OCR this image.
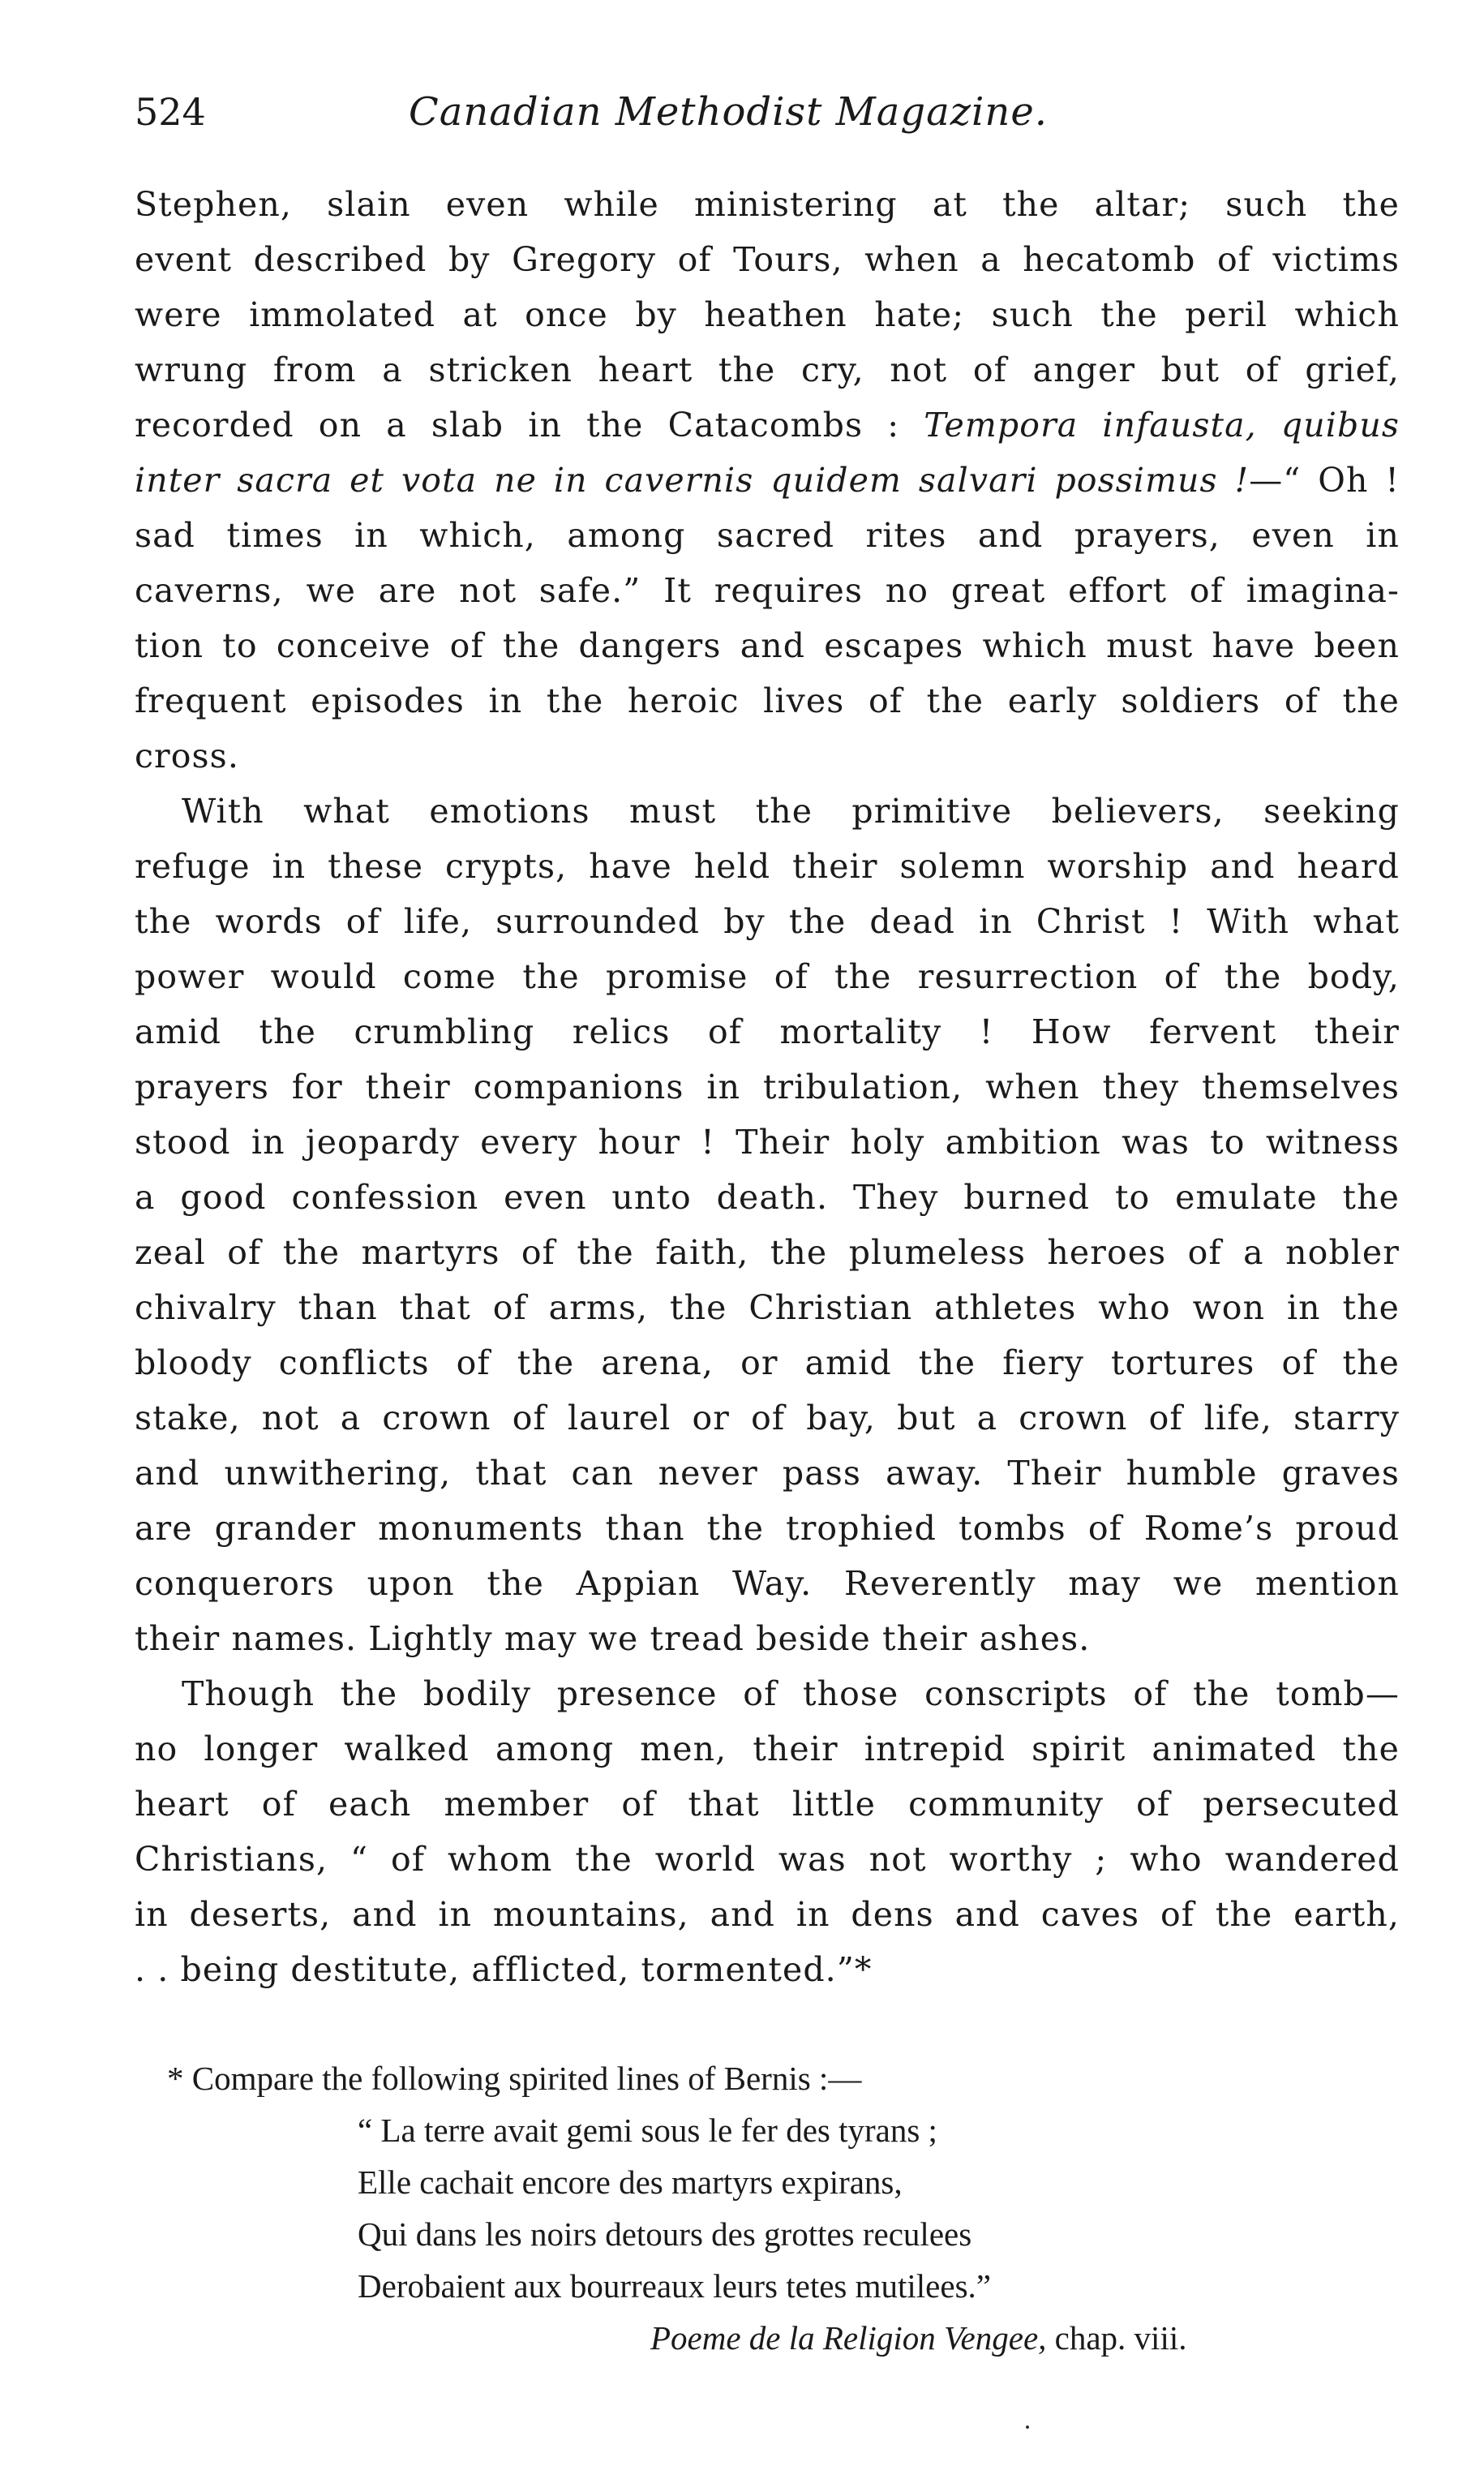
524	Canadian Methodist Magazine.
Stephen, slain even while ministering at the altar; such the
event described by Gregory of Tours, when a hecatomb of victims
were immolated at once by heathen hate; such the peril which
wrung from a stricken heart the cry, not of anger but of grief,
recorded on a slab in the Catacombs : Tempora infausta, quibus
inter sacra et vota ne in cavernis quidem salvari possimus !—“ Oh !
sad times in which, among sacred rites and prayers, even in
caverns, we are not safe.” It requires no great effort of imagina-
tion to conceive of the dangers and escapes which must have been
frequent episodes in the heroic lives of the early soldiers of the
cross.
With what emotions must the primitive believers, seeking
refuge in these crypts, have held their solemn worship and heard
the words of life, surrounded by the dead in Christ ! With what
power would come the promise of the resurrection of the body,
amid the crumbling relics of mortality ! How fervent their
prayers for their companions in tribulation, when they themselves
stood in jeopardy every hour ! Their holy ambition was to witness
a good confession even unto death. They burned to emulate the
zeal of the martyrs of the faith, the plumeless heroes of a nobler
chivalry than that of arms, the Christian athletes who won in the
bloody conflicts of the arena, or amid the fiery tortures of the
stake, not a crown of laurel or of bay, but a crown of life, starry
and unwithering, that can never pass away. Their humble graves
are grander monuments than the trophied tombs of Rome’s proud
conquerors upon the Appian Way. Reverently may we mention
their names. Lightly may we tread beside their ashes.
Though the bodily presence of those conscripts of the tomb—
no longer walked among men, their intrepid spirit animated the
heart of each member of that little community of persecuted
Christians, “ of whom the world was not worthy ; who wandered
in deserts, and in mountains, and in dens and caves of the earth,
. . being destitute, afflicted, tormented.”*
* Compare the following spirited lines of Bernis :—
“ La terre avait gemi sous le fer des tyrans ;
Elle cachait encore des martyrs expirans,
Qui dans les noirs detours des grottes reculees
Derobaient aux bourreaux leurs tetes mutilees.”
Poeme de la Religion Vengee, chap. viii.
